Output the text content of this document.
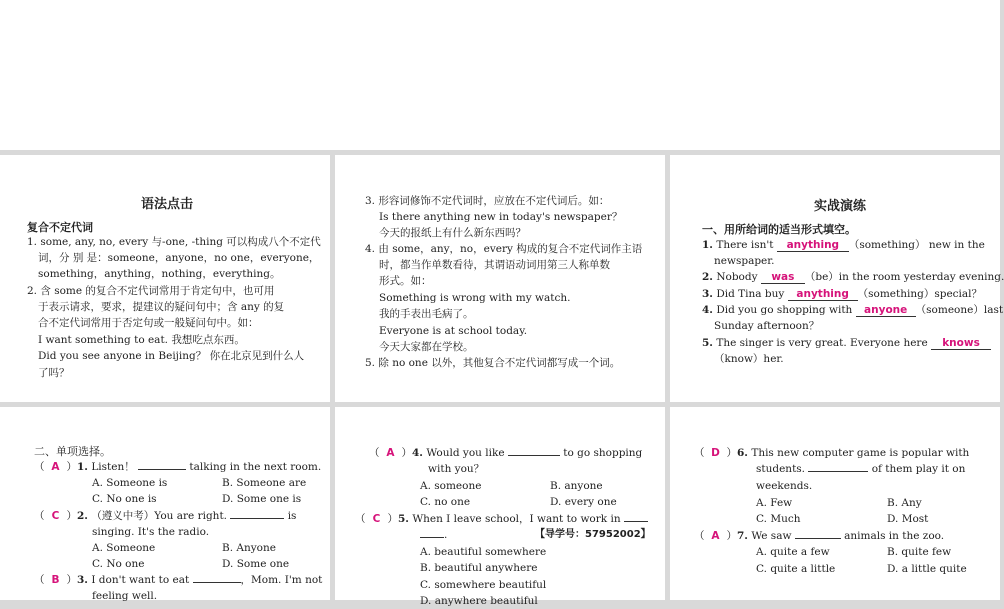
语法点击
复合不定代词
1. some, any, no, every 与-one, -thing 可以构成八个不定代
词，分 别 是：someone，anyone，no one，everyone，
something，anything，nothing，everything。
2. 含 some 的复合不定代词常用于肯定句中，也可用
于表示请求，要求，提建议的疑问句中；含 any 的复
合不定代词常用于否定句或一般疑问句中。如：
I want something to eat. 我想吃点东西。
Did you see anyone in Beijing？ 你在北京见到什么人
了吗？
3. 形容词修饰不定代词时，应放在不定代词后。如：
Is there anything new in today's newspaper？
今天的报纸上有什么新东西吗？
4. 由 some，any，no，every 构成的复合不定代词作主语
时，都当作单数看待，其谓语动词用第三人称单数
形式。如：
Something is wrong with my watch.
我的手表出毛病了。
Everyone is at school today.
今天大家都在学校。
5. 除 no one 以外，其他复合不定代词都写成一个词。
实战演练
一、用所给词的适当形式填空。
1. There isn't anything （something） new in the
newspaper.
2. Nobody was （be）in the room yesterday evening.
3. Did Tina buy anything （something）special？
4. Did you go shopping with anyone （someone）last
Sunday afternoon？
5. The singer is very great. Everyone here knows
（know）her.
二、单项选择。
（ A ）1. Listen！	talking in the next room.
A. Someone is	B. Someone are
C. No one is	D. Some one is
（ C ）2. （遵义中考）You are right.	is
singing. It's the radio.
A. Someone	B. Anyone
C. No one	D. Some one
（ B ）3. I don't want to eat	，Mom. I'm not
feeling well.
（ A ）4. Would you like	to go shopping
with you？
A. someone	B. anyone
C. no one	D. every one
（ C ）5. When I leave school，I want to work in
.	【导学号：57952002】
A. beautiful somewhere
B. beautiful anywhere
C. somewhere beautiful
D. anywhere beautiful
（ D ）6. This new computer game is popular with
students.	of them play it on
weekends.
A. Few	B. Any
C. Much	D. Most
（ A ）7. We saw	animals in the zoo.
A. quite a few	B. quite few
C. quite a little	D. a little quite
